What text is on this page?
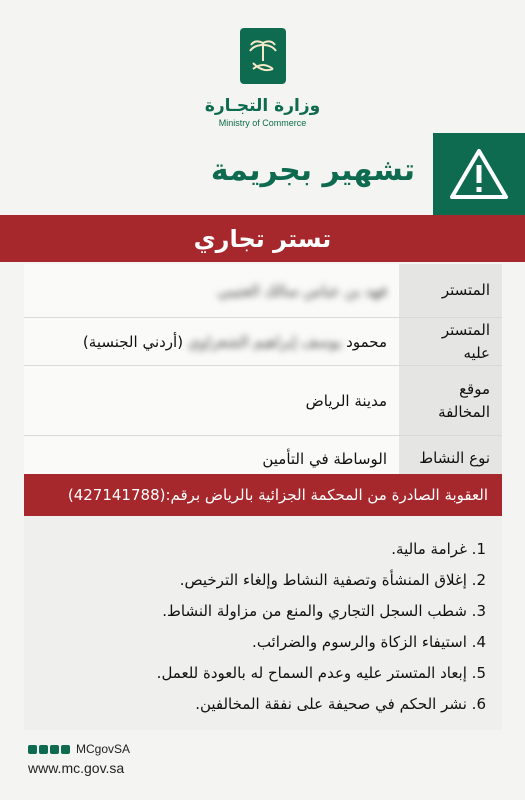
وزارة التجـارة
Ministry of Commerce
تشهير بجريمة
تستر تجاري
المتستر
فهد بن عباس سالك العتيبي
المتستر عليه
محمود

يوسف إبراهيم الشعراوي

(أردني الجنسية)
موقع المخالفة
مدينة الرياض
نوع النشاط
الوساطة في التأمين
العقوبة الصادرة من المحكمة الجزائية بالرياض برقم:(427141788)
1. غرامة مالية.
2. إغلاق المنشأة وتصفية النشاط وإلغاء الترخيص.
3. شطب السجل التجاري والمنع من مزاولة النشاط.
4. استيفاء الزكاة والرسوم والضرائب.
5. إبعاد المتستر عليه وعدم السماح له بالعودة للعمل.
6. نشر الحكم في صحيفة على نفقة المخالفين.
MCgovSA
www.mc.gov.sa
